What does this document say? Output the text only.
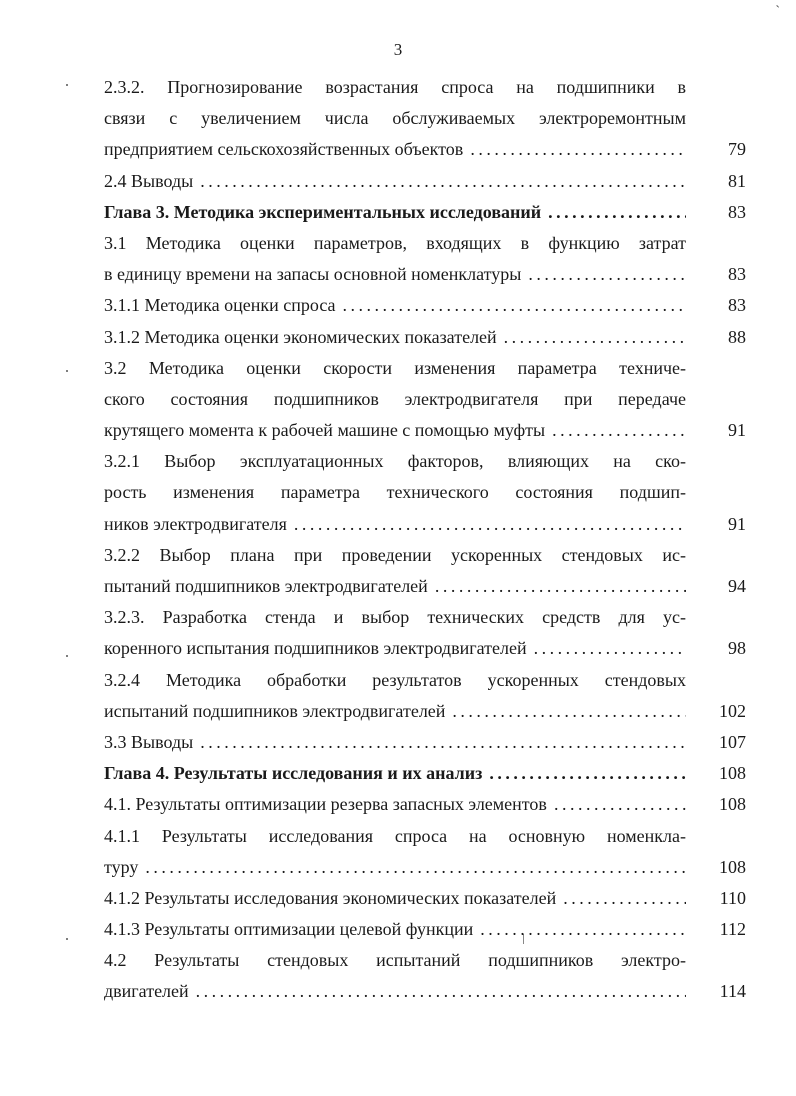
`
3
2.3.2. Прогнозирование возрастания спроса на подшипники в
связи с увеличением числа обслуживаемых электроремонтным
предприятием сельскохозяйственных объектов . . .	79
2.4 Выводы . . .	81
Глава 3. Методика экспериментальных исследований . . .	83
3.1 Методика оценки параметров, входящих в функцию затрат
в единицу времени на запасы основной номенклатуры . . .	83
3.1.1 Методика оценки спроса . . .	83
3.1.2 Методика оценки экономических показателей . . .	88
3.2 Методика оценки скорости изменения параметра техниче-
ского состояния подшипников электродвигателя при передаче
крутящего момента к рабочей машине с помощью муфты . . .	91
3.2.1 Выбор эксплуатационных факторов, влияющих на ско-
рость изменения параметра технического состояния подшип-
ников электродвигателя . . .	91
3.2.2 Выбор плана при проведении ускоренных стендовых ис-
пытаний подшипников электродвигателей . . .	94
3.2.3. Разработка стенда и выбор технических средств для ус-
коренного испытания подшипников электродвигателей . . .	98
3.2.4 Методика обработки результатов ускоренных стендовых
испытаний подшипников электродвигателей . . .	102
3.3 Выводы . . .	107
Глава 4. Результаты исследования и их анализ . . .	108
4.1. Результаты оптимизации резерва запасных элементов . . .	108
4.1.1 Результаты исследования спроса на основную номенкла-
туру . . .	108
4.1.2 Результаты исследования экономических показателей . . .	110
4.1.3 Результаты оптимизации целевой функции . . .	112
4.2 Результаты стендовых испытаний подшипников электро-
двигателей . . .	114
